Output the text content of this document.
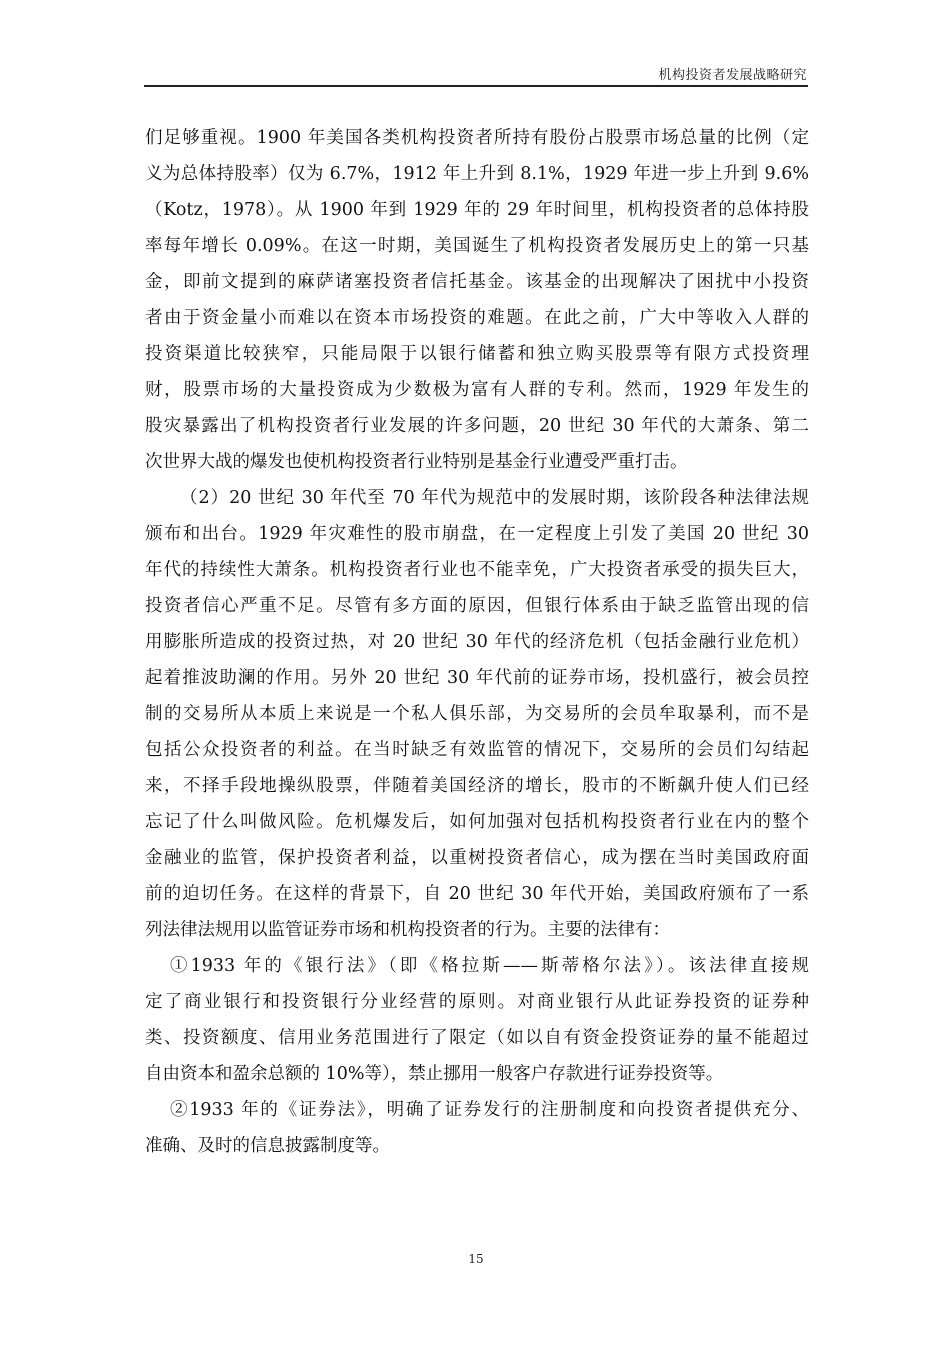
机构投资者发展战略研究
们足够重视。1900 年美国各类机构投资者所持有股份占股票市场总量的比例（定
义为总体持股率）仅为 6.7%，1912 年上升到 8.1%，1929 年进一步上升到 9.6%
（Kotz，1978）。从 1900 年到 1929 年的 29 年时间里，机构投资者的总体持股
率每年增长 0.09%。在这一时期，美国诞生了机构投资者发展历史上的第一只基
金，即前文提到的麻萨诸塞投资者信托基金。该基金的出现解决了困扰中小投资
者由于资金量小而难以在资本市场投资的难题。在此之前，广大中等收入人群的
投资渠道比较狭窄，只能局限于以银行储蓄和独立购买股票等有限方式投资理
财，股票市场的大量投资成为少数极为富有人群的专利。然而，1929 年发生的
股灾暴露出了机构投资者行业发展的许多问题，20 世纪 30 年代的大萧条、第二
次世界大战的爆发也使机构投资者行业特别是基金行业遭受严重打击。
（2）20 世纪 30 年代至 70 年代为规范中的发展时期，该阶段各种法律法规
颁布和出台。1929 年灾难性的股市崩盘，在一定程度上引发了美国 20 世纪 30
年代的持续性大萧条。机构投资者行业也不能幸免，广大投资者承受的损失巨大，
投资者信心严重不足。尽管有多方面的原因，但银行体系由于缺乏监管出现的信
用膨胀所造成的投资过热，对 20 世纪 30 年代的经济危机（包括金融行业危机）
起着推波助澜的作用。另外 20 世纪 30 年代前的证券市场，投机盛行，被会员控
制的交易所从本质上来说是一个私人俱乐部，为交易所的会员牟取暴利，而不是
包括公众投资者的利益。在当时缺乏有效监管的情况下，交易所的会员们勾结起
来，不择手段地操纵股票，伴随着美国经济的增长，股市的不断飙升使人们已经
忘记了什么叫做风险。危机爆发后，如何加强对包括机构投资者行业在内的整个
金融业的监管，保护投资者利益，以重树投资者信心，成为摆在当时美国政府面
前的迫切任务。在这样的背景下，自 20 世纪 30 年代开始，美国政府颁布了一系
列法律法规用以监管证券市场和机构投资者的行为。主要的法律有：
①1933 年的《银行法》（即《格拉斯——斯蒂格尔法》）。该法律直接规
定了商业银行和投资银行分业经营的原则。对商业银行从此证券投资的证券种
类、投资额度、信用业务范围进行了限定（如以自有资金投资证券的量不能超过
自由资本和盈余总额的 10%等），禁止挪用一般客户存款进行证券投资等。
②1933 年的《证券法》，明确了证券发行的注册制度和向投资者提供充分、
准确、及时的信息披露制度等。
15
